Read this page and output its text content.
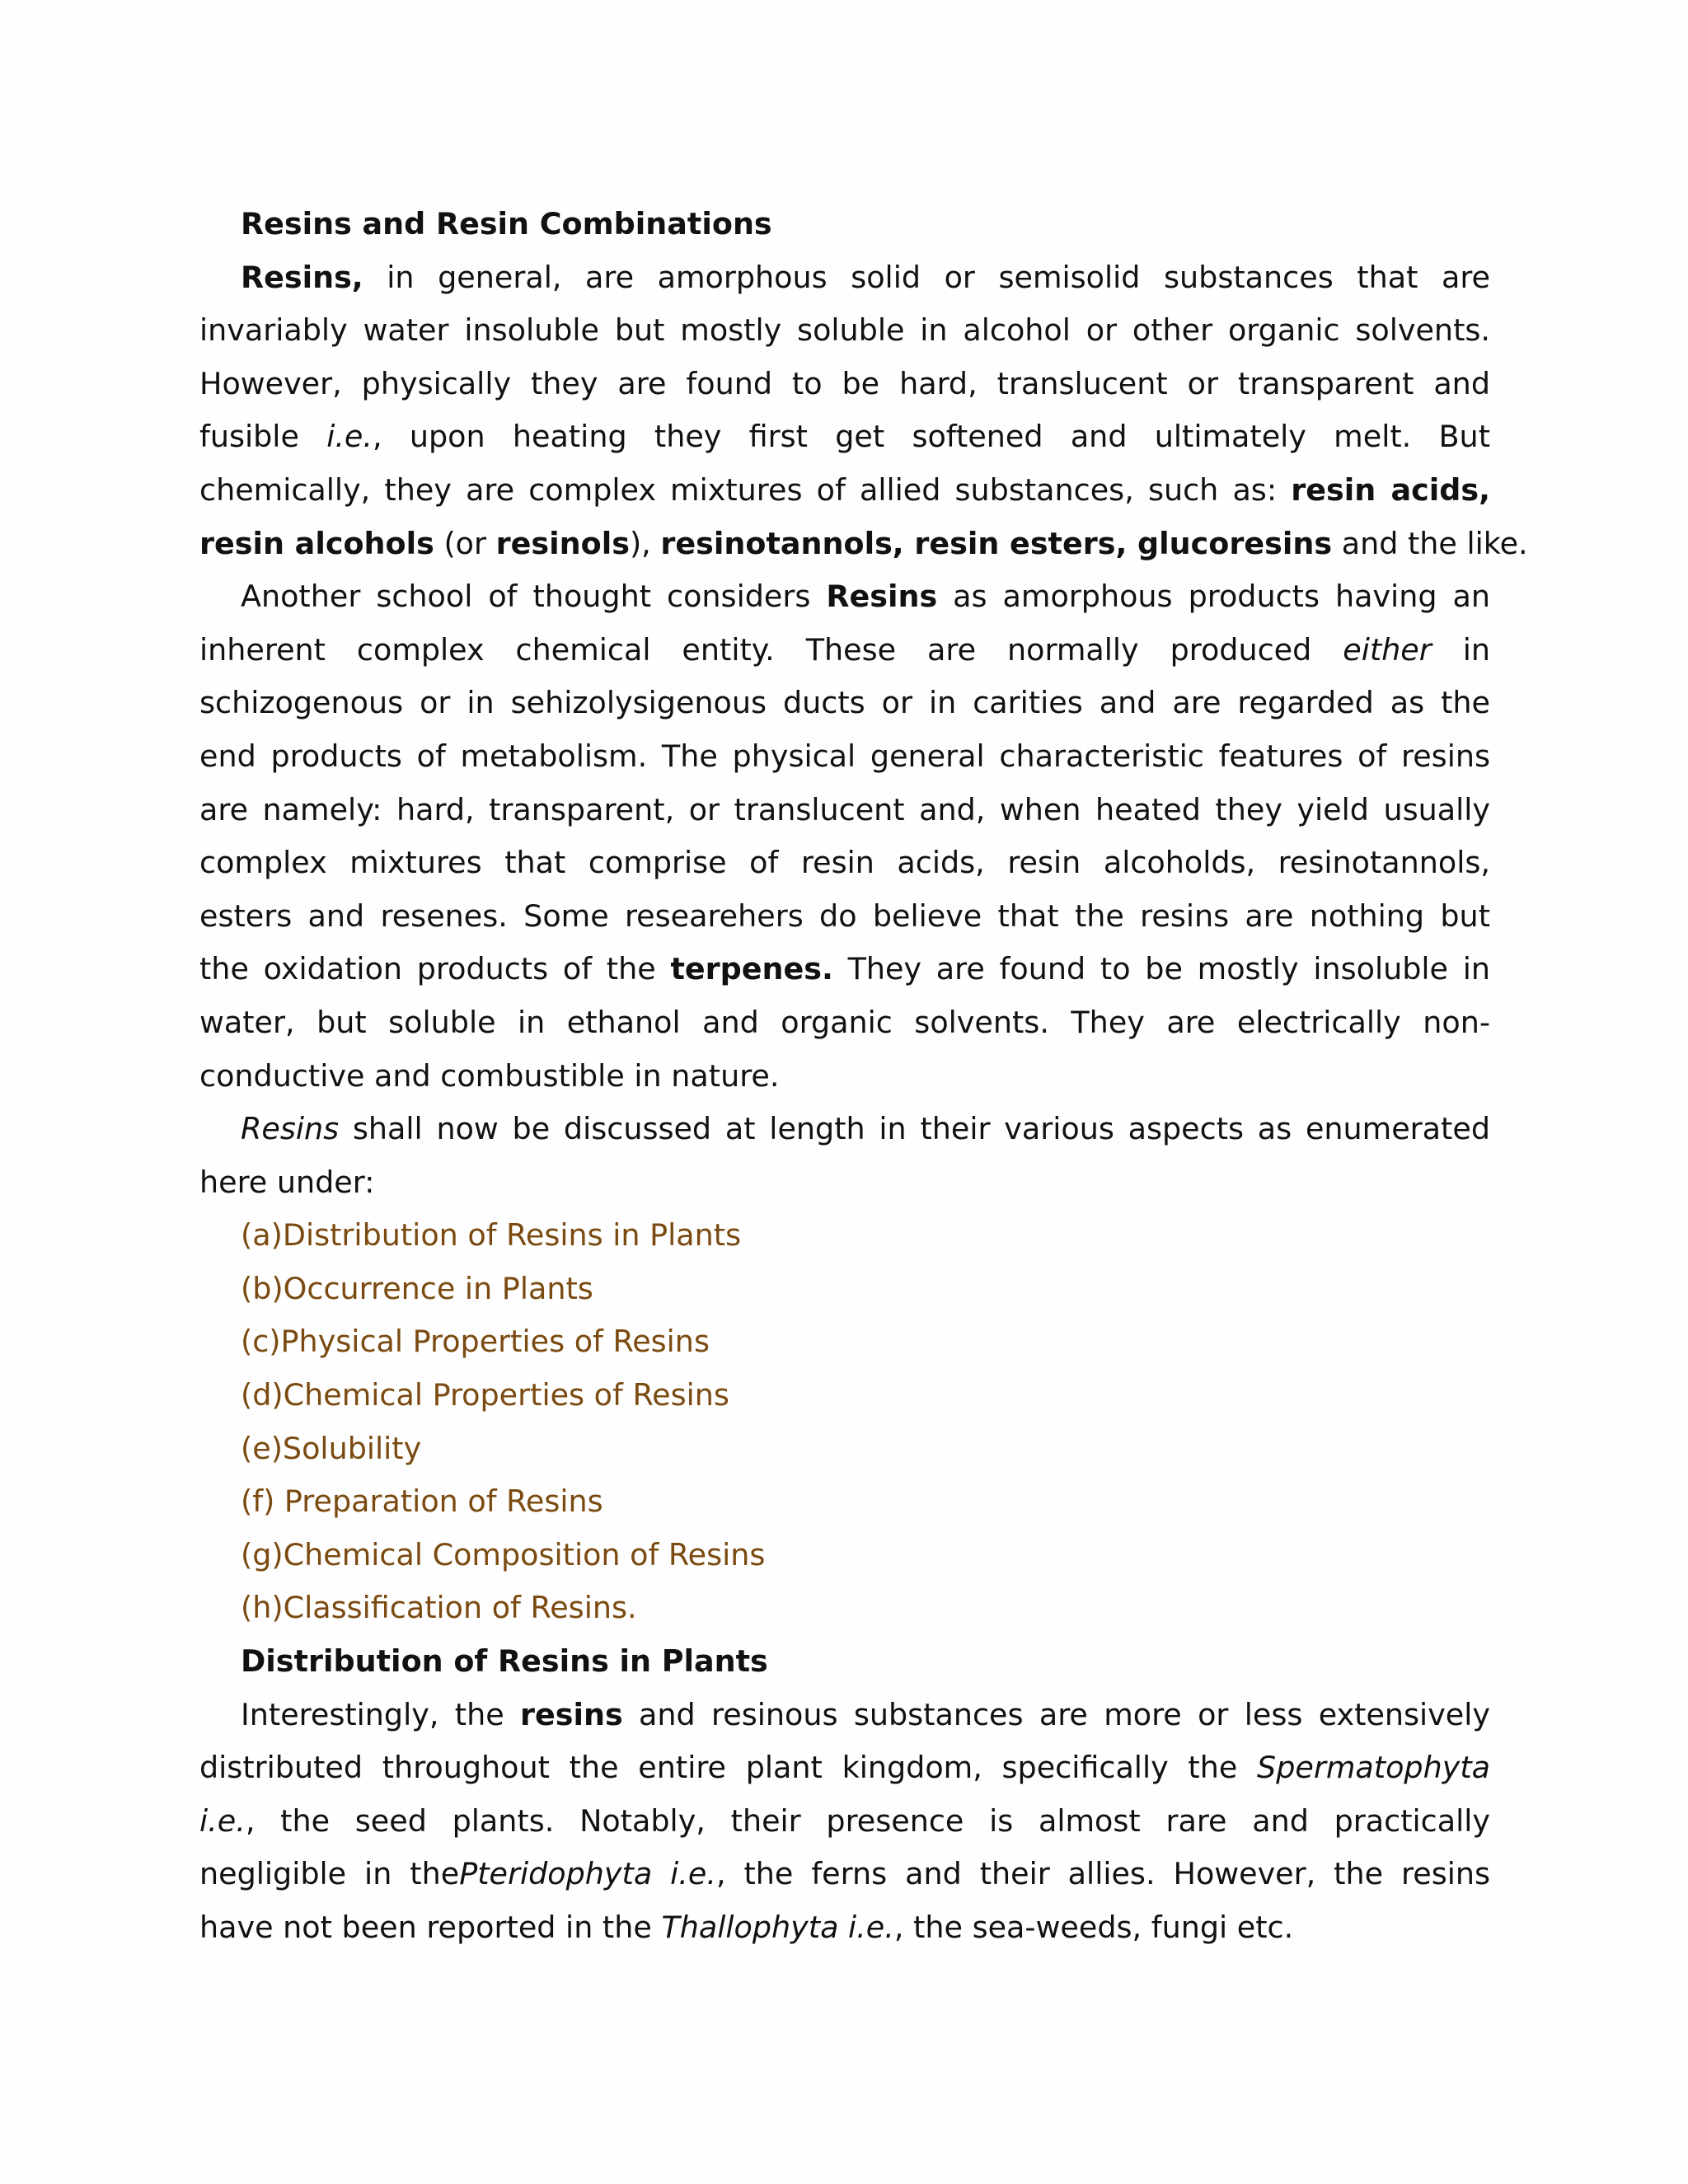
Resins and Resin Combinations
Resins, in general, are amorphous solid or semisolid substances that are
invariably water insoluble but mostly soluble in alcohol or other organic solvents.
However, physically they are found to be hard, translucent or transparent and
fusible i.e., upon heating they first get softened and ultimately melt. But
chemically, they are complex mixtures of allied substances, such as: resin acids,
resin alcohols (or resinols), resinotannols, resin esters, glucoresins and the like.
Another school of thought considers Resins as amorphous products having an
inherent complex chemical entity. These are normally produced either in
schizogenous or in sehizolysigenous ducts or in carities and are regarded as the
end products of metabolism. The physical general characteristic features of resins
are namely: hard, transparent, or translucent and, when heated they yield usually
complex mixtures that comprise of resin acids, resin alcoholds, resinotannols,
esters and resenes. Some researehers do believe that the resins are nothing but
the oxidation products of the terpenes. They are found to be mostly insoluble in
water, but soluble in ethanol and organic solvents. They are electrically non-
conductive and combustible in nature.
Resins shall now be discussed at length in their various aspects as enumerated
here under:
(a)Distribution of Resins in Plants
(b)Occurrence in Plants
(c)Physical Properties of Resins
(d)Chemical Properties of Resins
(e)Solubility
(f) Preparation of Resins
(g)Chemical Composition of Resins
(h)Classification of Resins.
Distribution of Resins in Plants
Interestingly, the resins and resinous substances are more or less extensively
distributed throughout the entire plant kingdom, specifically the Spermatophyta
i.e., the seed plants. Notably, their presence is almost rare and practically
negligible in thePteridophyta i.e., the ferns and their allies. However, the resins
have not been reported in the Thallophyta i.e., the sea-weeds, fungi etc.
